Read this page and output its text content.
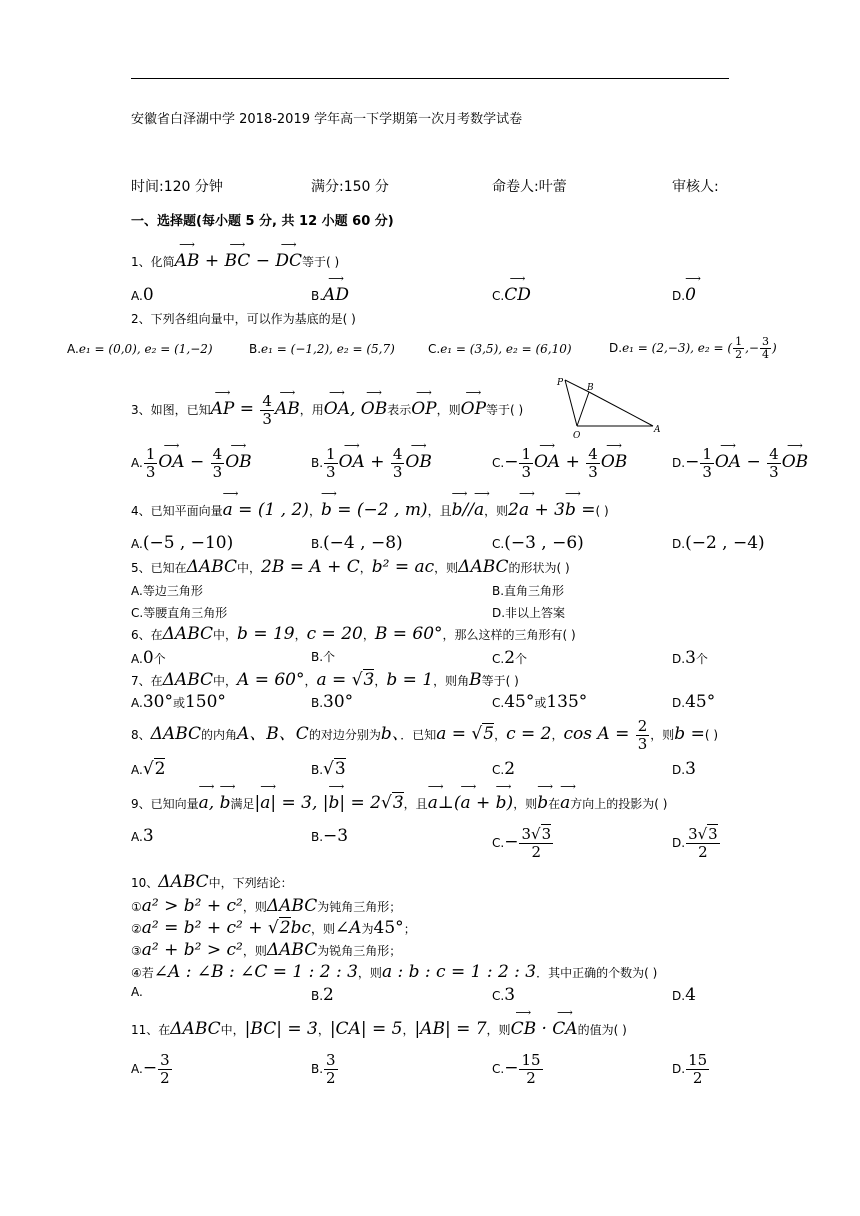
安徽省白泽湖中学 2018-2019 学年高一下学期第一次月考数学试卷
时间:120 分钟	满分:150 分	命卷人:叶蕾	审核人:
一、选择题(每小题 5 分, 共 12 小题 60 分)
1、化简⟶ AB + ⟶ BC − ⟶ DC等于( )
A.0	B.⟶ AD	C.⟶ CD	D.⟶ 0
2、下列各组向量中，可以作为基底的是( )
A.e₁ = (0,0), e₂ = (1,−2)	B.e₁ = (−1,2), e₂ = (5,7)	C.e₁ = (3,5), e₂ = (6,10)	D.e₁ = (2,−3), e₂ = ( $\frac{1}{2}$ ,− $\frac{3}{4}$ )
3、如图，已知⟶ AP = $\frac{4}{3}$ ⟶ AB，用⟶ OA, ⟶ OB表示⟶ OP，则⟶ OP等于( )
P	B
O
A
A. $\frac{1}{3}$ ⟶ OA − $\frac{4}{3}$ ⟶ OB	B. $\frac{1}{3}$ ⟶ OA + $\frac{4}{3}$ ⟶ OB	$C.- \frac{1}{3}$ ⟶ OA + $\frac{4}{3}$ ⟶ OB	$D.- \frac{1}{3}$ ⟶ OA − $\frac{4}{3}$ ⟶ OB
4、已知平面向量⟶ a = (1 , 2)，⟶ b = (−2 , m)，且⟶ b//⟶ a，则2⟶ a + 3⟶ b =( )
A.(−5 , −10)	B.(−4 , −8)	C.(−3 , −6)	D.(−2 , −4)
5、已知在ΔABC中，2B = A + C，b² = ac，则ΔABC的形状为( )
A.等边三角形	B.直角三角形
C.等腰直角三角形	D.非以上答案
6、在ΔABC中，b = 19，c = 20，B = 60°，那么这样的三角形有( )
A.0个	B.个	C.2个	D.3个
7、在ΔABC中，A = 60°，a = √3，b = 1，则角B等于( )
A.30°或150°	B.30°	C.45°或135°	D.45°
8、ΔABC的内角A、B、C的对边分别为b、．已知a = √5，c = 2，$\cos A = \frac{2}{3}$ ，则b =( )
A.√2	B.√3	C.2	D.3
9、已知向量⟶ a, ⟶ b满足|⟶ a| = 3, |⟶ b| = 2√3，且⟶ a⊥(⟶ a + ⟶ b)，则⟶ b在⟶ a方向上的投影为( )
A.3	B.−3	$C.- \frac{3√3}{2}$	D. $\frac{3√3}{2}$
10、ΔABC中，下列结论：
①a² > b² + c²，则ΔABC为钝角三角形；
②a² = b² + c² + √2bc，则∠A为45°；
③a² + b² > c²，则ΔABC为锐角三角形；
④若∠A : ∠B : ∠C = 1 : 2 : 3，则a : b : c = 1 : 2 : 3．其中正确的个数为( )
A.	B.2	C.3	D.4
11、在ΔABC中，|BC| = 3，|CA| = 5，|AB| = 7，则⟶ CB · ⟶ CA的值为( )
$A.- \frac{3}{2}$	B. $\frac{3}{2}$	$C.- \frac{15}{2}$	D. $\frac{15}{2}$
